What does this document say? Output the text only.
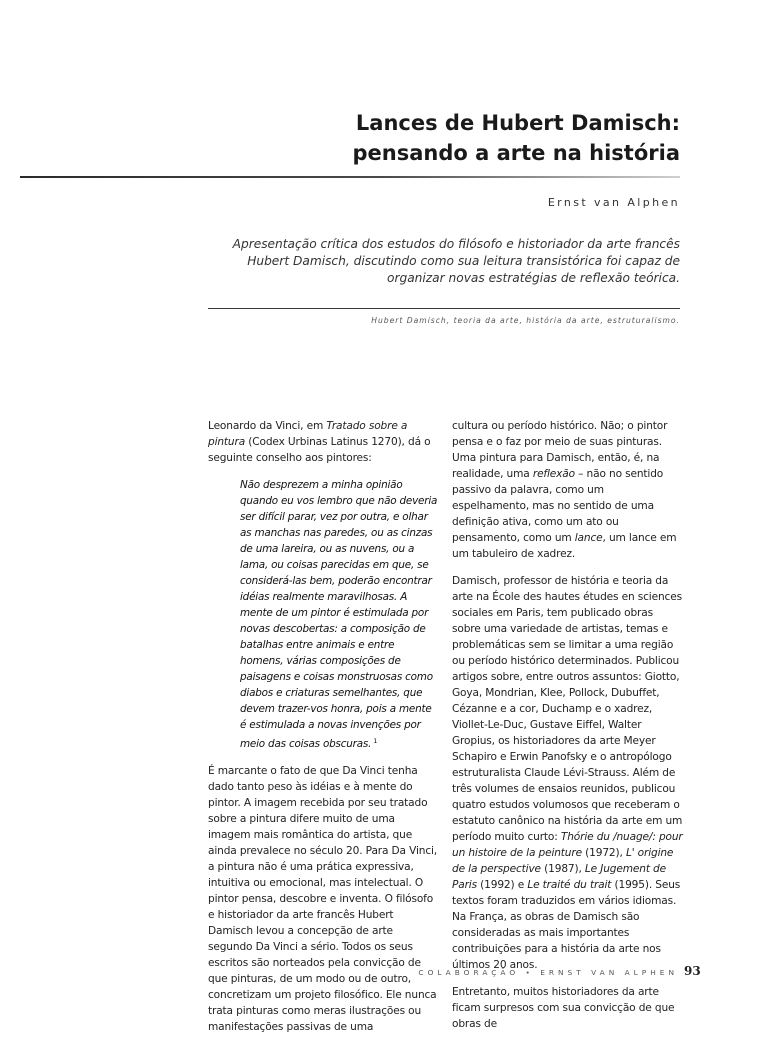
Lances de Hubert Damisch:
pensando a arte na história
Ernst van Alphen
Apresentação crítica dos estudos do filósofo e historiador da arte francês Hubert Damisch, discutindo como sua leitura transistórica foi capaz de organizar novas estratégias de reflexão teórica.
Hubert Damisch, teoria da arte, história da arte, estruturalismo.

Leonardo da Vinci, em Tratado sobre a pintura (Codex Urbinas Latinus 1270), dá o seguinte conselho aos pintores:

Não desprezem a minha opinião quando eu vos lembro que não deveria ser difícil parar, vez por outra, e olhar as manchas nas paredes, ou as cinzas de uma lareira, ou as nuvens, ou a lama, ou coisas parecidas em que, se considerá-las bem, poderão encontrar idéias realmente maravilhosas. A mente de um pintor é estimulada por novas descobertas: a composição de batalhas entre animais e entre homens, várias composições de paisagens e coisas monstruosas como diabos e criaturas semelhantes, que devem trazer-vos honra, pois a mente é estimulada a novas invenções por meio das coisas obscuras. $^1$

É marcante o fato de que Da Vinci tenha dado tanto peso às idéias e à mente do pintor. A imagem recebida por seu tratado sobre a pintura difere muito de uma imagem mais romântica do artista, que ainda prevalece no século 20. Para Da Vinci, a pintura não é uma prática expressiva, intuitiva ou emocional, mas intelectual. O pintor pensa, descobre e inventa. O filósofo e historiador da arte francês Hubert Damisch levou a concepção de arte segundo Da Vinci a sério. Todos os seus escritos são norteados pela convicção de que pinturas, de um modo ou de outro, concretizam um projeto filosófico. Ele nunca trata pinturas como meras ilustrações ou manifestações passivas de uma

cultura ou período histórico. Não; o pintor pensa e o faz por meio de suas pinturas. Uma pintura para Damisch, então, é, na realidade, uma reflexão – não no sentido passivo da palavra, como um espelhamento, mas no sentido de uma definição ativa, como um ato ou pensamento, como um lance, um lance em um tabuleiro de xadrez.

Damisch, professor de história e teoria da arte na École des hautes études en sciences sociales em Paris, tem publicado obras sobre uma variedade de artistas, temas e problemáticas sem se limitar a uma região ou período histórico determinados. Publicou artigos sobre, entre outros assuntos: Giotto, Goya, Mondrian, Klee, Pollock, Dubuffet, Cézanne e a cor, Duchamp e o xadrez, Viollet-Le-Duc, Gustave Eiffel, Walter Gropius, os historiadores da arte Meyer Schapiro e Erwin Panofsky e o antropólogo estruturalista Claude Lévi-Strauss. Além de três volumes de ensaios reunidos, publicou quatro estudos volumosos que receberam o estatuto canônico na história da arte em um período muito curto: Thórie du /nuage/: pour un histoire de la peinture (1972), L' origine de la perspective (1987), Le Jugement de Paris (1992) e Le traité du trait (1995). Seus textos foram traduzidos em vários idiomas. Na França, as obras de Damisch são consideradas as mais importantes contribuições para a história da arte nos últimos 20 anos.

Entretanto, muitos historiadores da arte ficam surpresos com sua convicção de que obras de

COLABORAÇÃO • ERNST VAN ALPHEN 93
